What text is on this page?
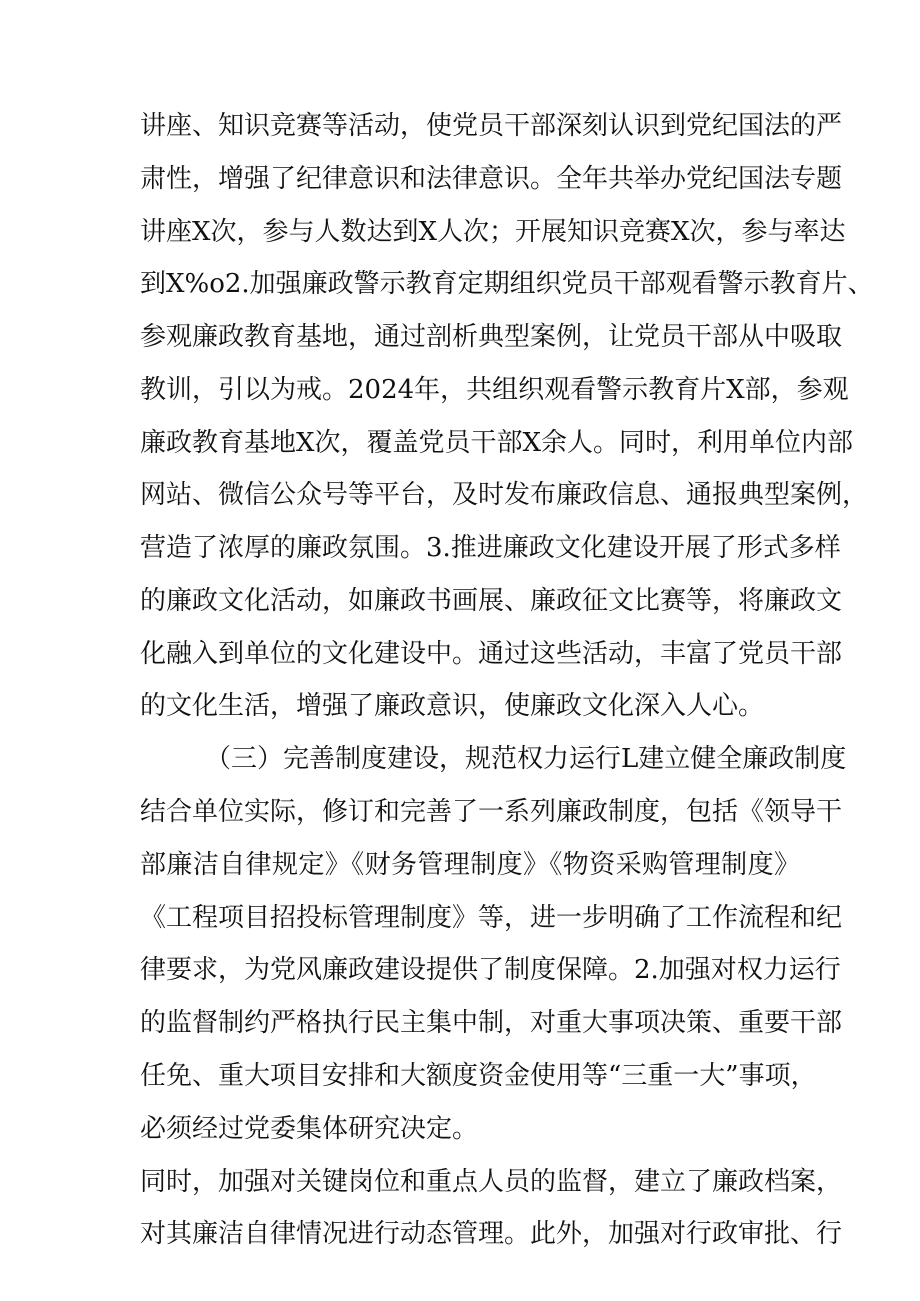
讲座、知识竞赛等活动，使党员干部深刻认识到党纪国法的严
肃性，增强了纪律意识和法律意识。全年共举办党纪国法专题
讲座X次，参与人数达到X人次；开展知识竞赛X次，参与率达
到X%o2.加强廉政警示教育定期组织党员干部观看警示教育片、
参观廉政教育基地，通过剖析典型案例，让党员干部从中吸取
教训，引以为戒。2024年，共组织观看警示教育片X部，参观
廉政教育基地X次，覆盖党员干部X余人。同时，利用单位内部
网站、微信公众号等平台，及时发布廉政信息、通报典型案例，
营造了浓厚的廉政氛围。3.推进廉政文化建设开展了形式多样
的廉政文化活动，如廉政书画展、廉政征文比赛等，将廉政文
化融入到单位的文化建设中。通过这些活动，丰富了党员干部
的文化生活，增强了廉政意识，使廉政文化深入人心。
（三）完善制度建设，规范权力运行L建立健全廉政制度
结合单位实际，修订和完善了一系列廉政制度，包括《领导干
部廉洁自律规定》《财务管理制度》《物资采购管理制度》
《工程项目招投标管理制度》等，进一步明确了工作流程和纪
律要求，为党风廉政建设提供了制度保障。2.加强对权力运行
的监督制约严格执行民主集中制，对重大事项决策、重要干部
任免、重大项目安排和大额度资金使用等“三重一大”事项，
必须经过党委集体研究决定。
同时，加强对关键岗位和重点人员的监督，建立了廉政档案，
对其廉洁自律情况进行动态管理。此外，加强对行政审批、行
